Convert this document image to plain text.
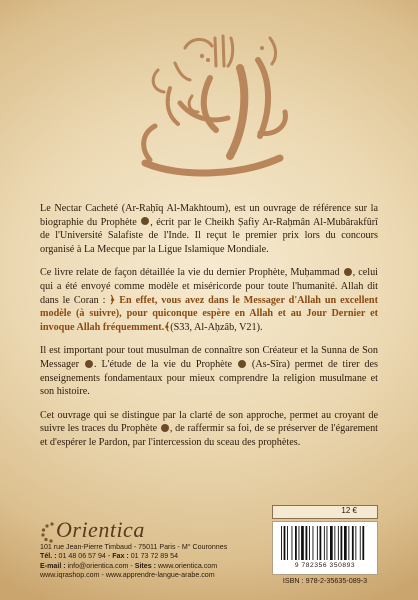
Le Nectar Cacheté (Ar-Raḥîq Al-Makhtoum), est un ouvrage de référence sur la biographie du Prophète , écrit par le Cheikh Ṣafiy Ar-Raḥmân Al-Mubârakfûrî de l'Université Salafiste de l'Inde. Il reçut le premier prix lors du concours organisé à La Mecque par la Ligue Islamique Mondiale.

Ce livre relate de façon détaillée la vie du dernier Prophète, Muḥammad , celui qui a été envoyé comme modèle et miséricorde pour toute l'humanité. Allah dit dans le Coran : ﴿ En effet, vous avez dans le Messager d'Allah un excellent modèle (à suivre), pour quiconque espère en Allah et au Jour Dernier et invoque Allah fréquemment.﴾(S33, Al-Aḥzâb, V21).

Il est important pour tout musulman de connaître son Créateur et la Sunna de Son Messager . L'étude de la vie du Prophète  (As-Sîra) permet de tirer des enseignements fondamentaux pour mieux comprendre la religion musulmane et son histoire.

Cet ouvrage qui se distingue par la clarté de son approche, permet au croyant de suivre les traces du Prophète , de raffermir sa foi, de se préserver de l'égarement et d'espérer le Pardon, par l'intercession du sceau des prophètes.

Orientica
101 rue Jean-Pierre Timbaud - 75011 Paris - M° Couronnes
Tél. : 01 48 06 57 94 - Fax : 01 73 72 89 54
E-mail : info@orientica.com - Sites : www.orientica.com
www.iqrashop.com - www.apprendre-langue-arabe.com
12 €
9 782356 350893
ISBN : 978-2-35635-089-3
